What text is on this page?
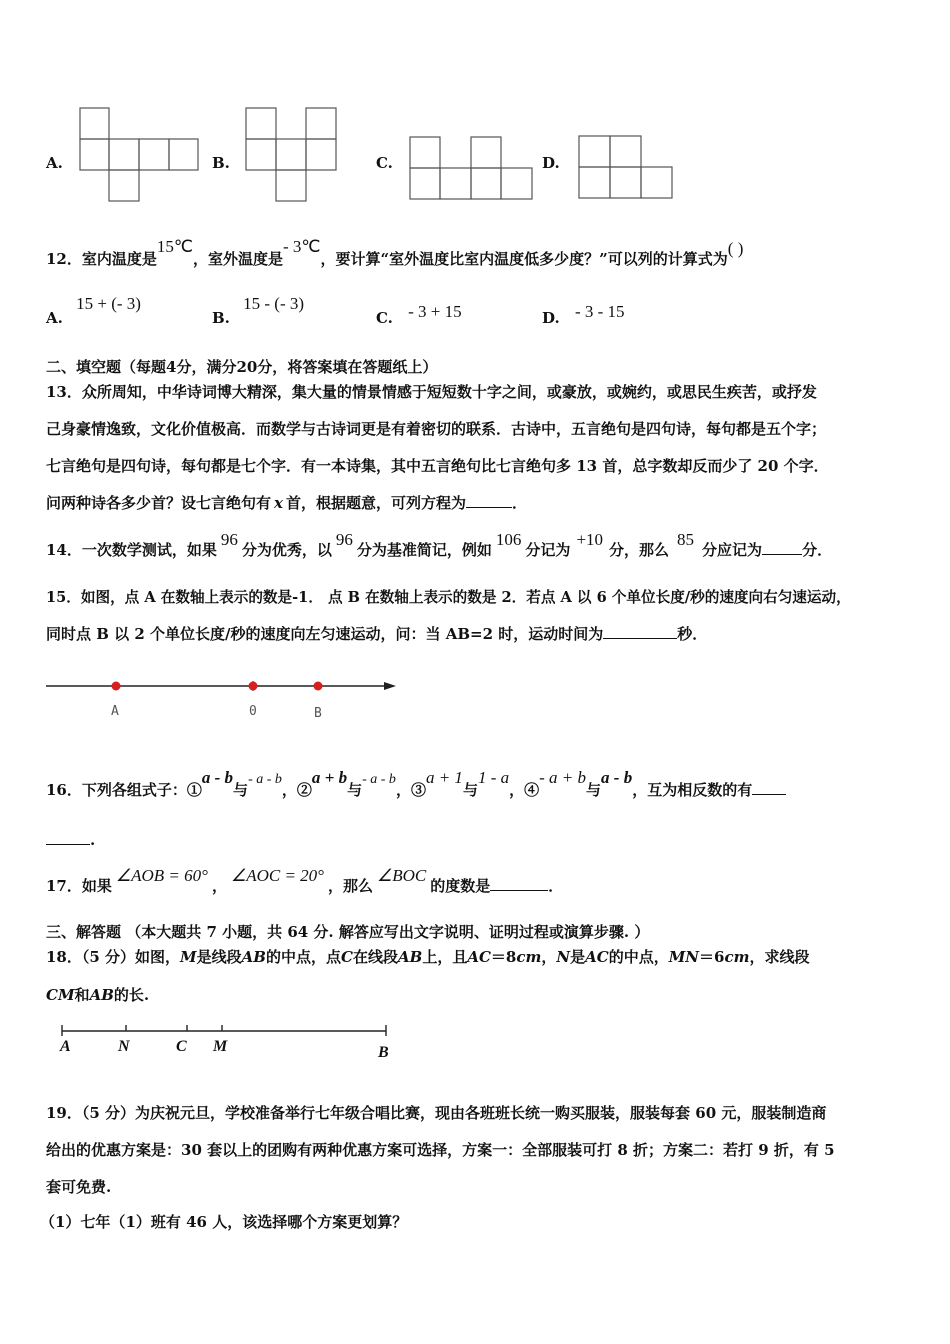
A.	B.	C.	D.
12．室内温度是15℃，室外温度是- 3℃，要计算“室外温度比室内温度低多少度？”可以列的计算式为( )
A. 15 + (- 3)
B. 15 - (- 3)
C. - 3 + 15	D. - 3 - 15
二、填空题（每题4分，满分20分，将答案填在答题纸上）
13．众所周知，中华诗词博大精深，集大量的情景情感于短短数十字之间，或豪放，或婉约，或思民生疾苦，或抒发
己身豪情逸致，文化价值极高．而数学与古诗词更是有着密切的联系．古诗中，五言绝句是四句诗，每句都是五个字；
七言绝句是四句诗，每句都是七个字．有一本诗集，其中五言绝句比七言绝句多 13 首，总字数却反而少了 20 个字．
问两种诗各多少首？设七言绝句有 x 首，根据题意，可列方程为	．
14．一次数学测试，如果96分为优秀，以96分为基准简记，例如106分记为+10分，那么85分应记为	分．
15．如图，点 A 在数轴上表示的数是-1． 点 B 在数轴上表示的数是 2．若点 A 以 6 个单位长度/秒的速度向右匀速运动，
同时点 B 以 2 个单位长度/秒的速度向左匀速运动，问：当 AB=2 时，运动时间为	秒．
A	0	B
16．下列各组式子：①a - b与- a - b，②a + b与- a - b，③a + 1与1 - a，④- a + b与a - b，互为相反数的有
.
17．如果∠AOB = 60°，∠AOC = 20°，那么∠BOC的度数是	．
三、解答题 （本大题共 7 小题，共 64 分. 解答应写出文字说明、证明过程或演算步骤. ）
18．（5 分）如图，M是线段AB的中点，点C在线段AB上，且AC＝8cm，N是AC的中点，MN＝6cm，求线段
CM和AB的长.
A	N	C M	B
19．（5 分）为庆祝元旦，学校准备举行七年级合唱比赛，现由各班班长统一购买服装，服装每套 60 元，服装制造商
给出的优惠方案是：30 套以上的团购有两种优惠方案可选择，方案一：全部服装可打 8 折；方案二：若打 9 折，有 5
套可免费.
（1）七年（1）班有 46 人，该选择哪个方案更划算？
